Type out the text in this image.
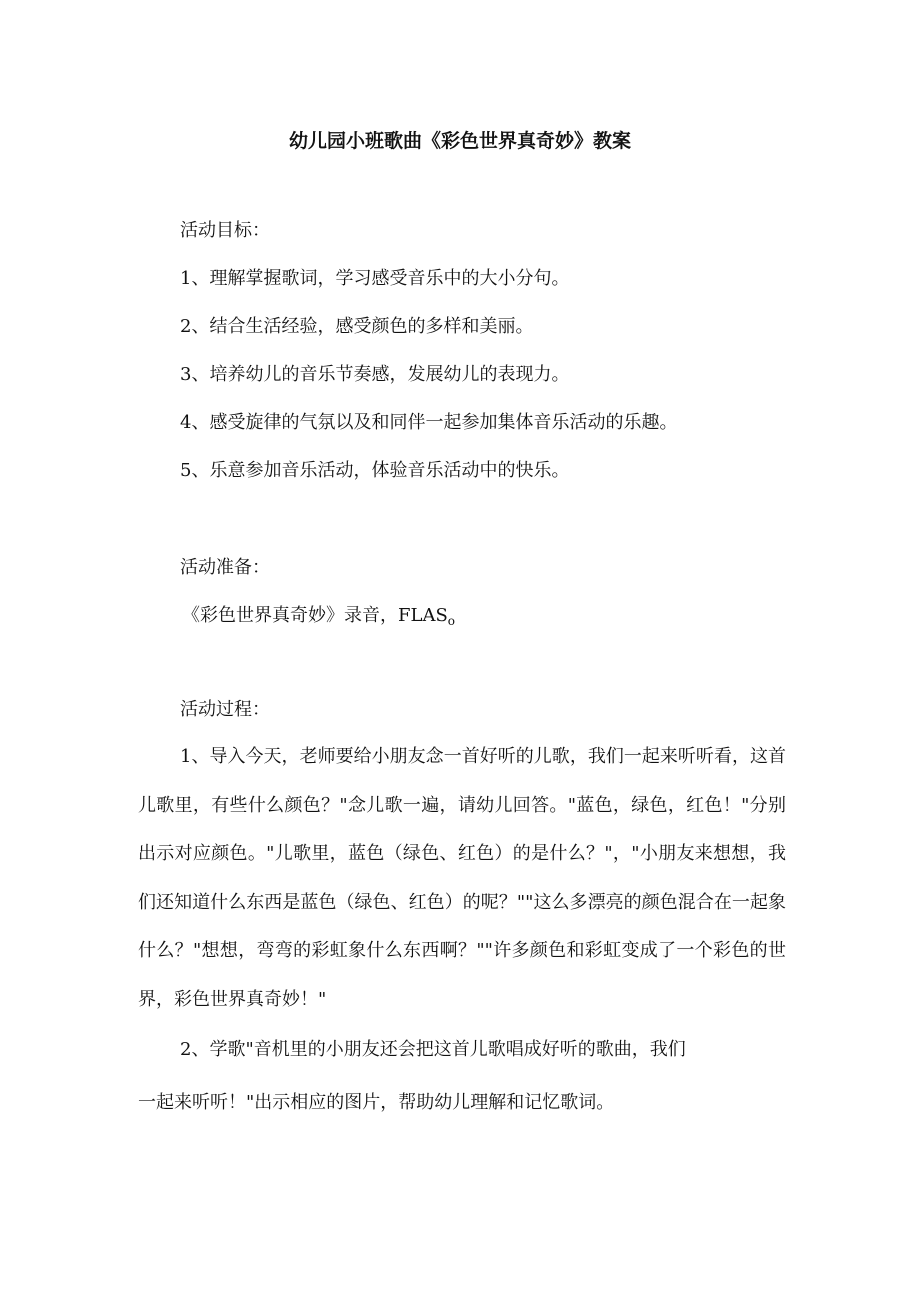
幼儿园小班歌曲《彩色世界真奇妙》教案
活动目标：
1、理解掌握歌词，学习感受音乐中的大小分句。
2、结合生活经验，感受颜色的多样和美丽。
3、培养幼儿的音乐节奏感，发展幼儿的表现力。
4、感受旋律的气氛以及和同伴一起参加集体音乐活动的乐趣。
5、乐意参加音乐活动，体验音乐活动中的快乐。
活动准备：
《彩色世界真奇妙》录音，$FLAS_o$
活动过程：

1、导入今天，老师要给小朋友念一首好听的儿歌，我们一起来听听看，这首儿歌里，有些什么颜色？"念儿歌一遍，请幼儿回答。"蓝色，绿色，红色！"分别出示对应颜色。"儿歌里，蓝色（绿色、红色）的是什么？"，"小朋友来想想，我们还知道什么东西是蓝色（绿色、红色）的呢？""这么多漂亮的颜色混合在一起象什么？"想想，弯弯的彩虹象什么东西啊？""许多颜色和彩虹变成了一个彩色的世界，彩色世界真奇妙！"

2、学歌"音机里的小朋友还会把这首儿歌唱成好听的歌曲，我们
一起来听听！"出示相应的图片，帮助幼儿理解和记忆歌词。
